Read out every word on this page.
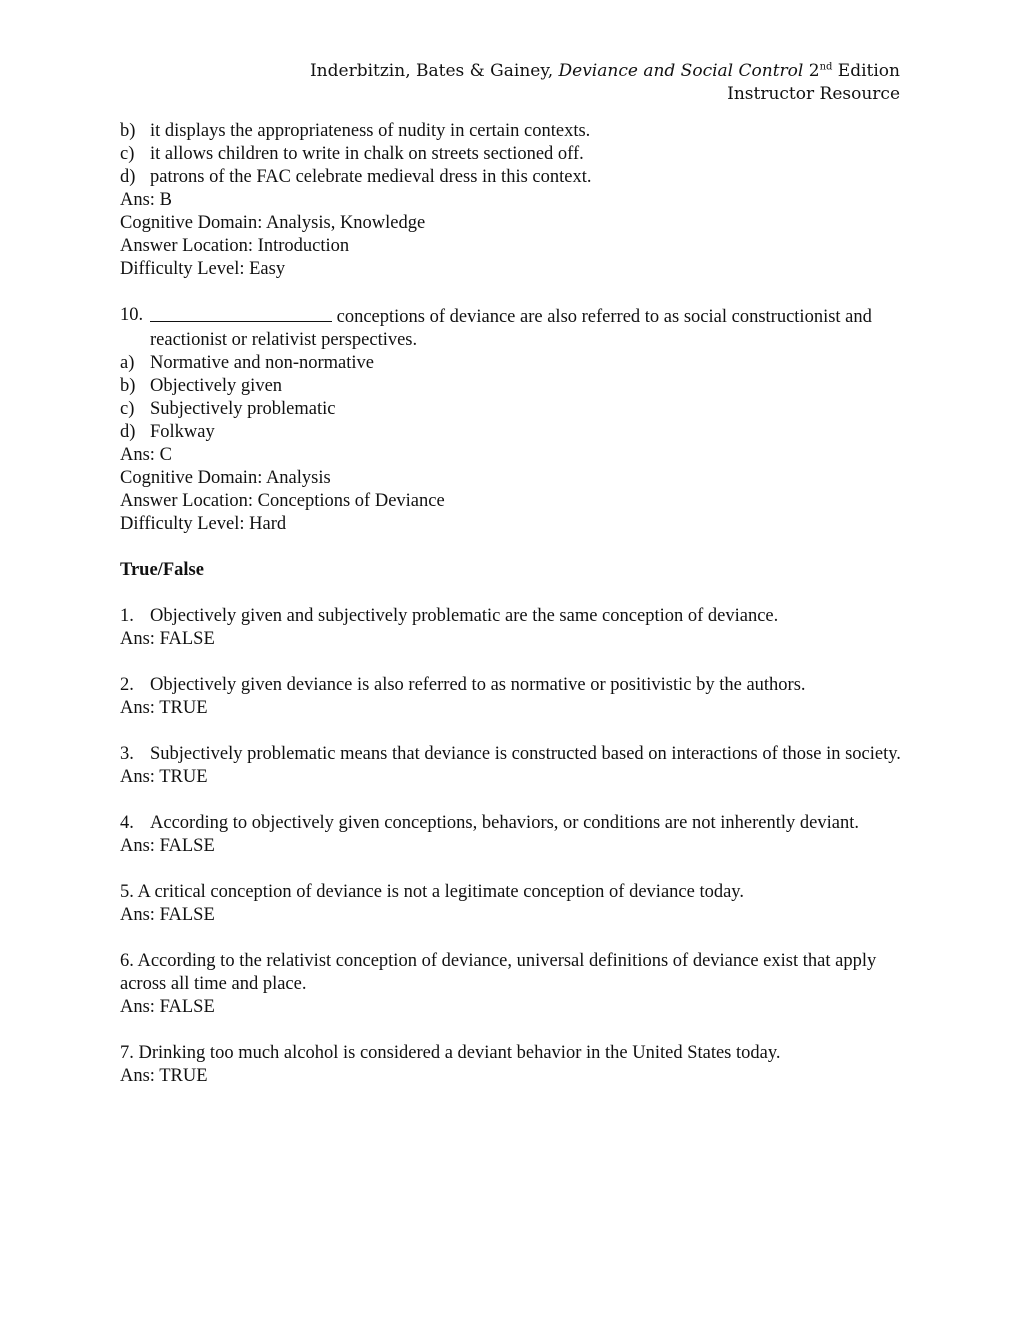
Inderbitzin, Bates & Gainey, Deviance and Social Control 2nd Edition
Instructor Resource

b) it displays the appropriateness of nudity in certain contexts.

c) it allows children to write in chalk on streets sectioned off.

d) patrons of the FAC celebrate medieval dress in this context.

Ans: B

Cognitive Domain: Analysis, Knowledge

Answer Location: Introduction

Difficulty Level: Easy

10.	conceptions of deviance are also referred to as social constructionist and reactionist or relativist perspectives.

a) Normative and non-normative

b) Objectively given

c) Subjectively problematic

d) Folkway

Ans: C

Cognitive Domain: Analysis

Answer Location: Conceptions of Deviance

Difficulty Level: Hard

True/False

1. Objectively given and subjectively problematic are the same conception of deviance.

Ans: FALSE

2. Objectively given deviance is also referred to as normative or positivistic by the authors.

Ans: TRUE

3. Subjectively problematic means that deviance is constructed based on interactions of those in society.

Ans: TRUE

4. According to objectively given conceptions, behaviors, or conditions are not inherently deviant.

Ans: FALSE

5. A critical conception of deviance is not a legitimate conception of deviance today.

Ans: FALSE

6. According to the relativist conception of deviance, universal definitions of deviance exist that apply across all time and place.

Ans: FALSE

7. Drinking too much alcohol is considered a deviant behavior in the United States today.

Ans: TRUE
